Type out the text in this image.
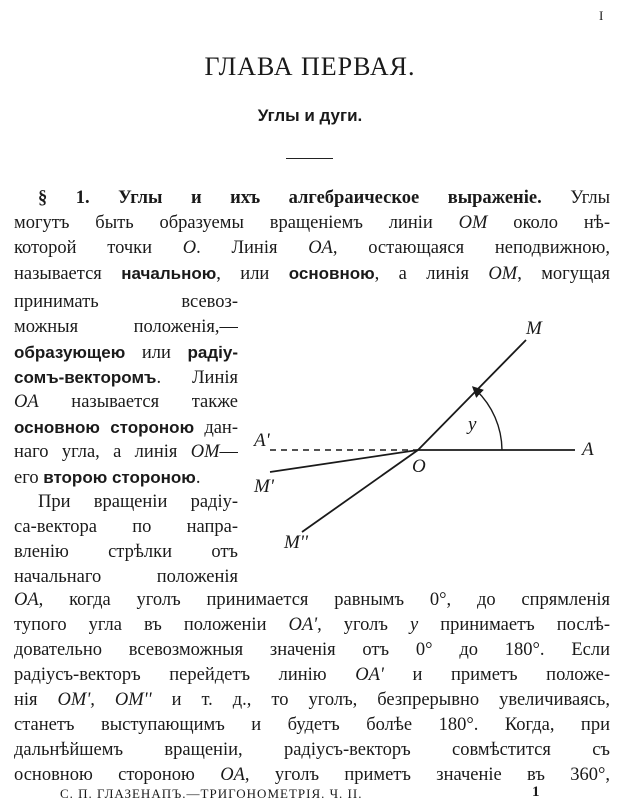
I
ГЛАВА ПЕРВАЯ.
Углы и дуги.
§ 1. Углы и ихъ алгебраическое выраженіе. Углы
могутъ быть образуемы вращеніемъ линіи OM около нѣ-
которой точки O. Линія OA, остающаяся неподвижною,
называется начальною, или основною, а линія OM, могущая
принимать всевоз-
можныя положенія,—
образующею или радіу-
сомъ-векторомъ. Линія
OA называется также
основною стороною дан-
наго угла, а линія OM—
его второю стороною.
При вращеніи радіу-
са-вектора по напра-
вленію стрѣлки отъ
начальнаго положенія
OA, когда уголъ принимается равнымъ 0°, до спрямленія
тупого угла въ положеніи OA', уголъ y принимаетъ послѣ-
довательно всевозможныя значенія отъ 0° до 180°. Если
радіусъ-векторъ перейдетъ линію OA' и приметъ положе-
нія OM', OM'' и т. д., то уголъ, безпрерывно увеличиваясь,
станетъ выступающимъ и будетъ болѣе 180°. Когда, при
дальнѣйшемъ вращеніи, радіусъ-векторъ совмѣстится съ
основною стороною OA, уголъ приметъ значеніе въ 360°,
M
A'	A
O
y
M'
M''
С. П. ГЛАЗЕНАПЪ.—ТРИГОНОМЕТРІЯ. Ч. II.	1
